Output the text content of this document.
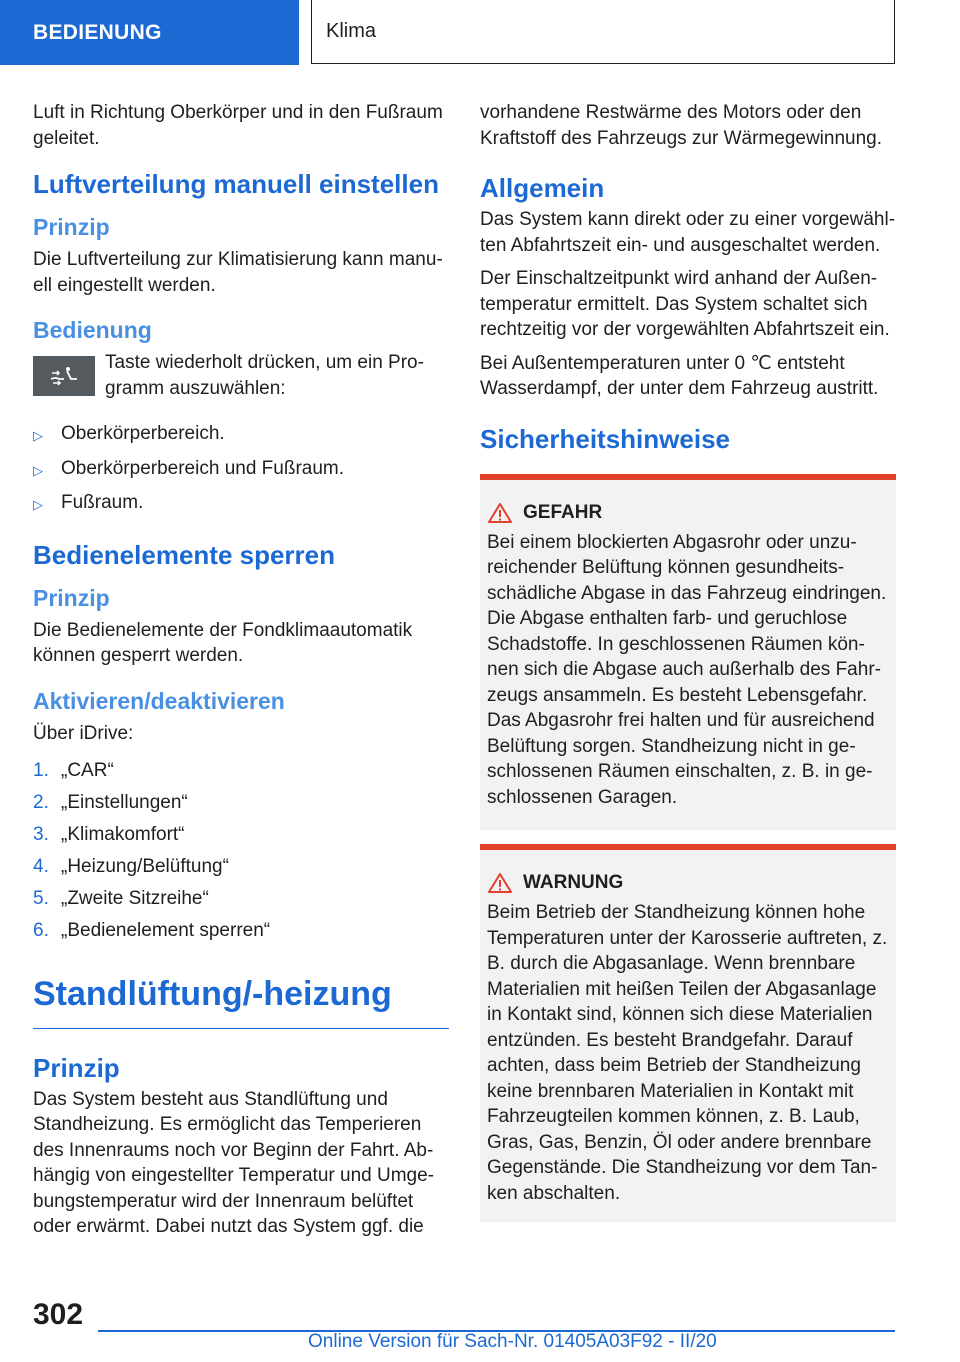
BEDIENUNG	Klima

Luft in Richtung Oberkörper und in den Fußraum geleitet.

Luftverteilung manuell einstellen
Prinzip

Die Luftverteilung zur Klimatisierung kann manuell eingestellt werden.

Bedienung

Taste wiederholt drücken, um ein Programm auszuwählen:

▷ Oberkörperbereich.
▷ Oberkörperbereich und Fußraum.
▷ Fußraum.
Bedienelemente sperren
Prinzip

Die Bedienelemente der Fondklimaautomatik können gesperrt werden.

Aktivieren/deaktivieren

Über iDrive:

1. „CAR“
2. „Einstellungen“
3. „Klimakomfort“
4. „Heizung/Belüftung“
5. „Zweite Sitzreihe“
6. „Bedienelement sperren“
Standlüftung/-heizung
Prinzip

Das System besteht aus Standlüftung und Standheizung. Es ermöglicht das Temperieren des Innenraums noch vor Beginn der Fahrt. Abhängig von eingestellter Temperatur und Umgebungstemperatur wird der Innenraum belüftet oder erwärmt. Dabei nutzt das System ggf. die

vorhandene Restwärme des Motors oder den Kraftstoff des Fahrzeugs zur Wärmegewinnung.

Allgemein

Das System kann direkt oder zu einer vorgewählten Abfahrtszeit ein- und ausgeschaltet werden.

Der Einschaltzeitpunkt wird anhand der Außentemperatur ermittelt. Das System schaltet sich rechtzeitig vor der vorgewählten Abfahrtszeit ein.

Bei Außentemperaturen unter 0 ℃ entsteht Wasserdampf, der unter dem Fahrzeug austritt.

Sicherheitshinweise
GEFAHR

Bei einem blockierten Abgasrohr oder unzureichender Belüftung können gesundheitsschädliche Abgase in das Fahrzeug eindringen. Die Abgase enthalten farb- und geruchlose Schadstoffe. In geschlossenen Räumen können sich die Abgase auch außerhalb des Fahrzeugs ansammeln. Es besteht Lebensgefahr. Das Abgasrohr frei halten und für ausreichend Belüftung sorgen. Standheizung nicht in geschlossenen Räumen einschalten, z. B. in geschlossenen Garagen.

WARNUNG

Beim Betrieb der Standheizung können hohe Temperaturen unter der Karosserie auftreten, z. B. durch die Abgasanlage. Wenn brennbare Materialien mit heißen Teilen der Abgasanlage in Kontakt sind, können sich diese Materialien entzünden. Es besteht Brandgefahr. Darauf achten, dass beim Betrieb der Standheizung keine brennbaren Materialien in Kontakt mit Fahrzeugteilen kommen können, z. B. Laub, Gras, Gas, Benzin, Öl oder andere brennbare Gegenstände. Die Standheizung vor dem Tanken abschalten.

302
Online Version für Sach-Nr. 01405A03F92 - II/20
